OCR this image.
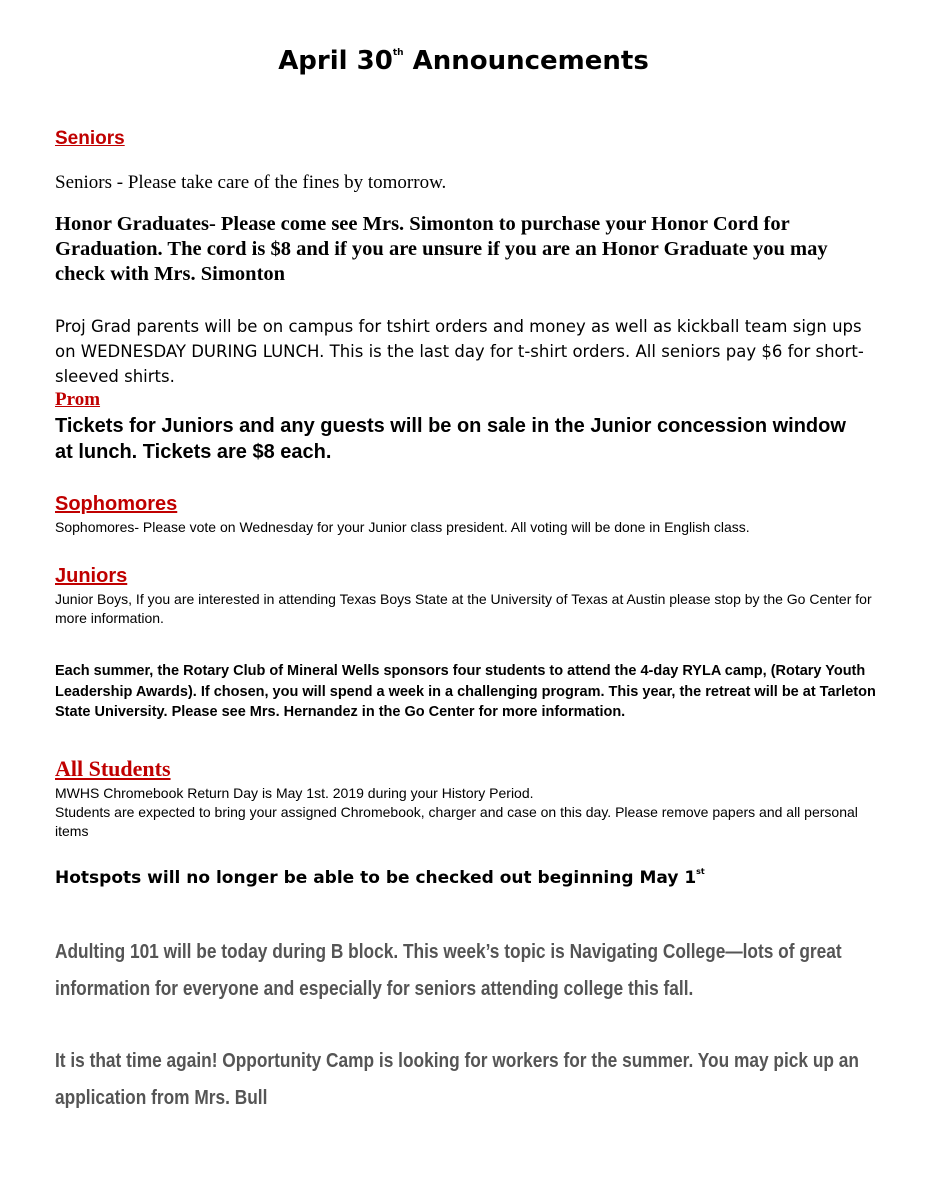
April 30th Announcements
Seniors

Seniors - Please take care of the fines by tomorrow.

Honor Graduates- Please come see Mrs. Simonton to purchase your Honor Cord for Graduation. The cord is $8 and if you are unsure if you are an Honor Graduate you may check with Mrs. Simonton

Proj Grad parents will be on campus for tshirt orders and money as well as kickball team sign ups on WEDNESDAY DURING LUNCH. This is the last day for t-shirt orders. All seniors pay $6 for short-sleeved shirts.

Prom

Tickets for Juniors and any guests will be on sale in the Junior concession window at lunch. Tickets are $8 each.

Sophomores

Sophomores- Please vote on Wednesday for your Junior class president. All voting will be done in English class.

Juniors

Junior Boys, If you are interested in attending Texas Boys State at the University of Texas at Austin please stop by the Go Center for more information.

Each summer, the Rotary Club of Mineral Wells sponsors four students to attend the 4-day RYLA camp, (Rotary Youth Leadership Awards). If chosen, you will spend a week in a challenging program. This year, the retreat will be at Tarleton State University. Please see Mrs. Hernandez in the Go Center for more information.

All Students

MWHS Chromebook Return Day is May 1st. 2019 during your History Period.

Students are expected to bring your assigned Chromebook, charger and case on this day. Please remove papers and all personal items

Hotspots will no longer be able to be checked out beginning May 1st

Adulting 101 will be today during B block. This week’s topic is Navigating College—lots of great information for everyone and especially for seniors attending college this fall.

It is that time again! Opportunity Camp is looking for workers for the summer. You may pick up an application from Mrs. Bull
